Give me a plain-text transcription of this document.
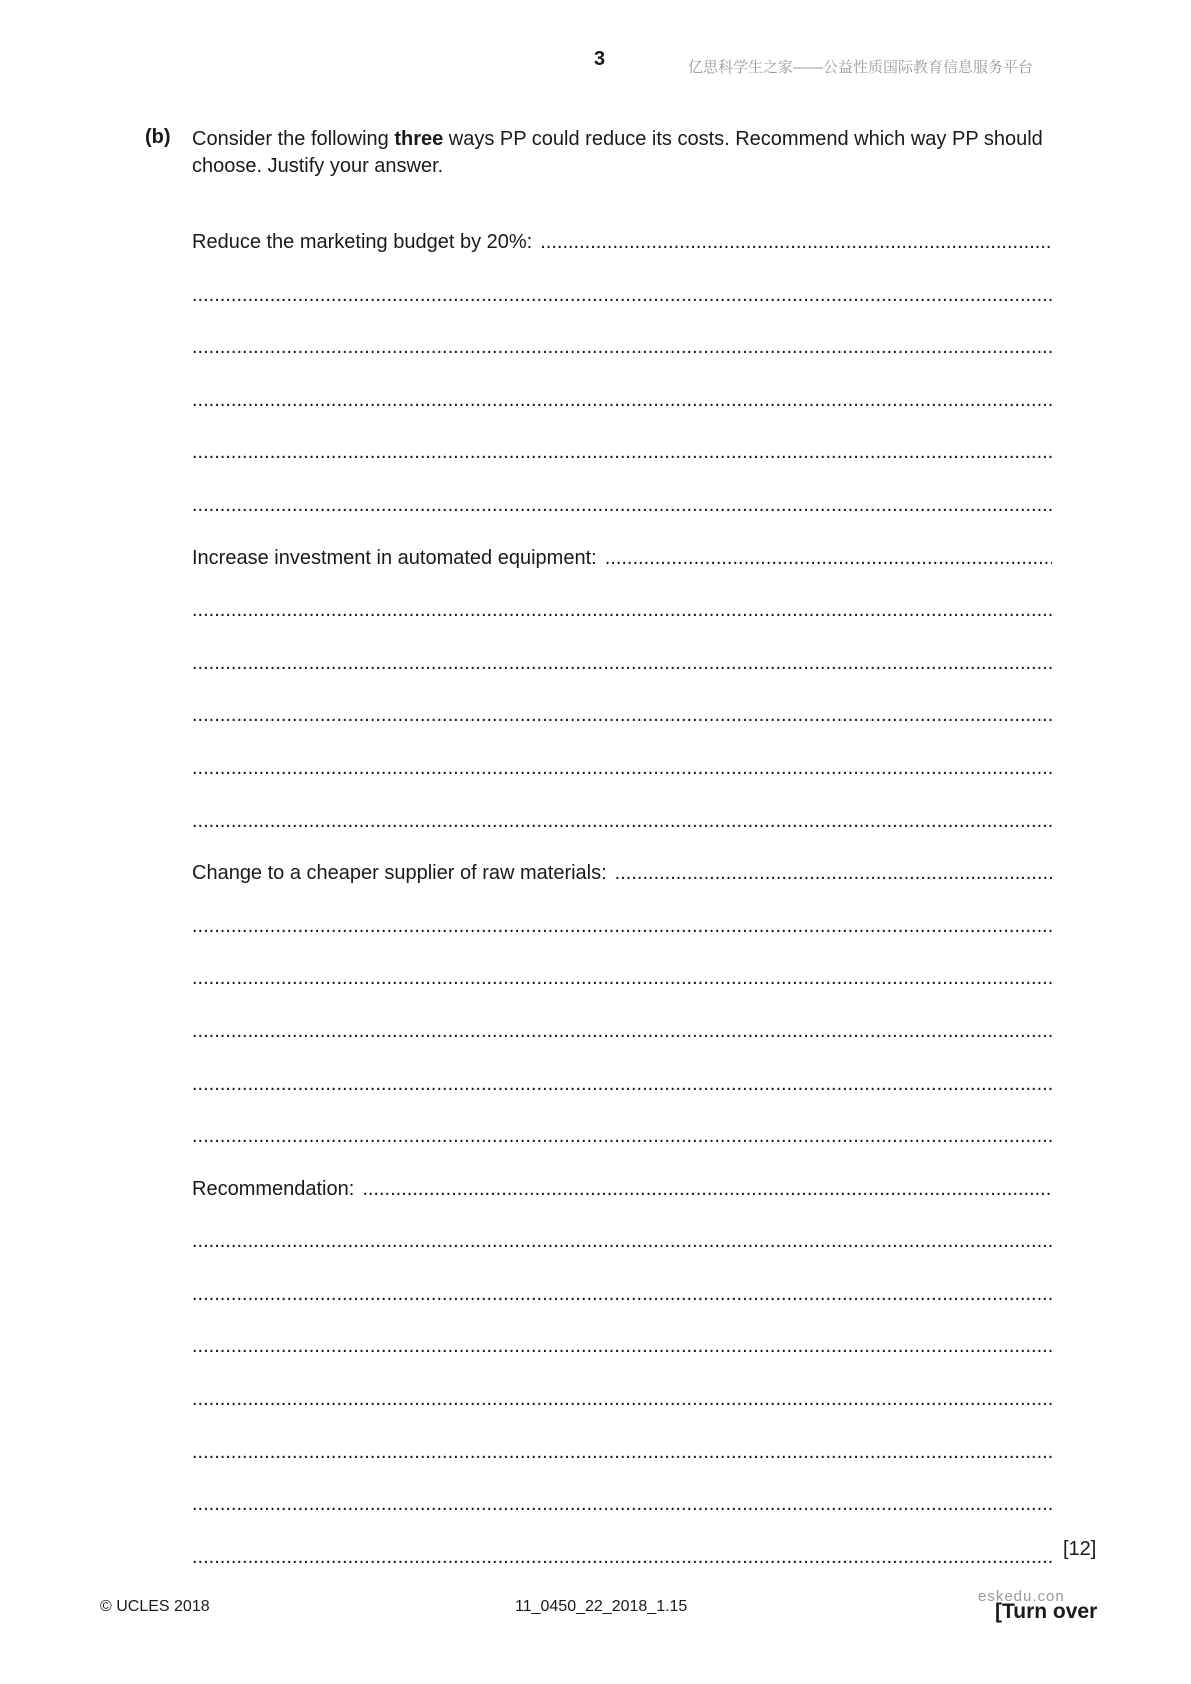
3	亿思科学生之家——公益性质国际教育信息服务平台
(b) Consider the following three ways PP could reduce its costs. Recommend which way PP should choose. Justify your answer.
Reduce the marketing budget by 20%:
.....
.....
.....
.....
.....
.....
Increase investment in automated equipment:
.....
.....
.....
.....
.....
.....
Change to a cheaper supplier of raw materials:
.....
.....
.....
.....
.....
.....
Recommendation:
.....
.....
.....
.....
.....
.....
.....
.....
[12]
© UCLES 2018	11_0450_22_2018_1.15
eskedu.con
[Turn over
